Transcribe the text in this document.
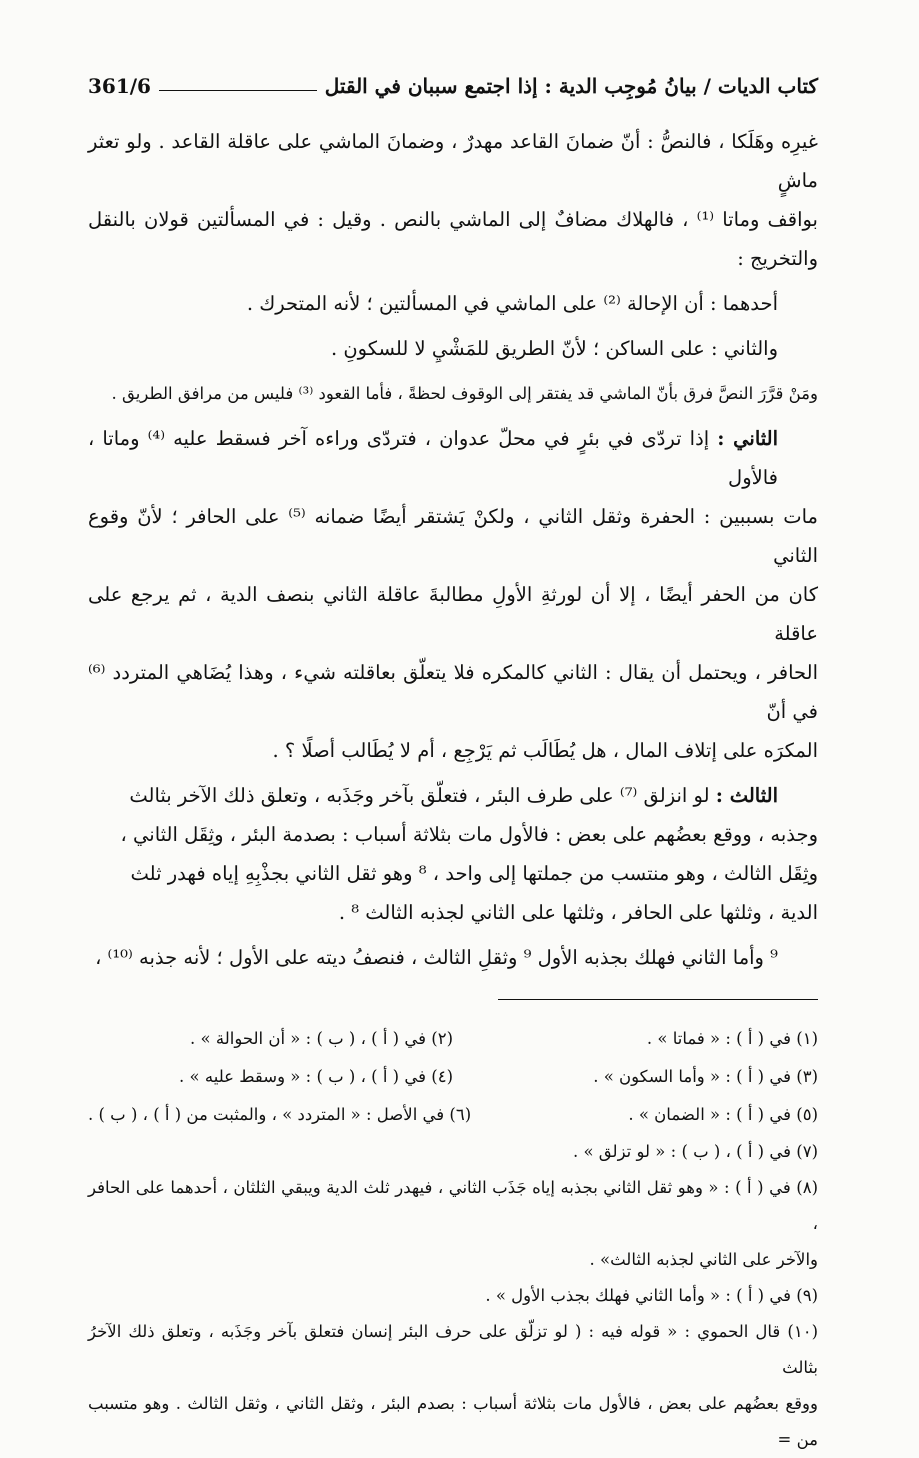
كتاب الديات / بيانُ مُوجِب الدية : إذا اجتمع سببان في القتل
361/6

غيرِه وهَلَكا ، فالنصُّ : أنّ ضمانَ القاعد مهدرٌ ، وضمانَ الماشي على عاقلة القاعد . ولو تعثر ماشٍ

بواقف وماتا ⁽¹⁾ ، فالهلاك مضافٌ إلى الماشي بالنص . وقيل : في المسألتين قولان بالنقل والتخريج :

أحدهما : أن الإحالة ⁽²⁾ على الماشي في المسألتين ؛ لأنه المتحرك .

والثاني : على الساكن ؛ لأنّ الطريق للمَشْيِ لا للسكونِ .

ومَنْ قرَّرَ النصَّ فرق بأنّ الماشي قد يفتقر إلى الوقوف لحظةً ، فأما القعود ⁽³⁾ فليس من مرافق الطريق .

الثاني : إذا تردّى في بئرٍ في محلّ عدوان ، فتردّى وراءه آخر فسقط عليه ⁽⁴⁾ وماتا ، فالأول

مات بسببين : الحفرة وثقل الثاني ، ولكنْ يَشتقر أيضًا ضمانه ⁽⁵⁾ على الحافر ؛ لأنّ وقوع الثاني

كان من الحفر أيضًا ، إلا أن لورثةِ الأولِ مطالبةَ عاقلة الثاني بنصف الدية ، ثم يرجع على عاقلة

الحافر ، ويحتمل أن يقال : الثاني كالمكره فلا يتعلّق بعاقلته شيء ، وهذا يُضَاهي المتردد ⁽⁶⁾في أنّ

المكرَه على إتلاف المال ، هل يُطَالَب ثم يَرْجِع ، أم لا يُطَالب أصلًا ؟ .

الثالث : لو انزلق ⁽⁷⁾ على طرف البئر ، فتعلّق بآخر وجَذَبه ، وتعلق ذلك الآخر بثالث

وجذبه ، ووقع بعضُهم على بعض : فالأول مات بثلاثة أسباب : بصدمة البئر ، وثِقَل الثاني ،

وثِقَل الثالث ، وهو منتسب من جملتها إلى واحد ، ⁸ وهو ثقل الثاني بجذْبِهِ إياه فهدر ثلث

الدية ، وثلثها على الحافر ، وثلثها على الثاني لجذبه الثالث ⁸ .

⁹ وأما الثاني فهلك بجذبه الأول ⁹ وثقلِ الثالث ، فنصفُ ديته على الأول ؛ لأنه جذبه ⁽¹⁰⁾ ،

(١) في ( أ ) : « فماتا » .
(٢) في ( أ ) ، ( ب ) : « أن الحوالة » .
(٣) في ( أ ) : « وأما السكون » .
(٤) في ( أ ) ، ( ب ) : « وسقط عليه » .
(٥) في ( أ ) : « الضمان » .
(٦) في الأصل : « المتردد » ، والمثبت من ( أ ) ، ( ب ) .
(٧) في ( أ ) ، ( ب ) : « لو تزلق » .
(٨) في ( أ ) : « وهو ثقل الثاني بجذبه إياه جَذَب الثاني ، فيهدر ثلث الدية ويبقي الثلثان ، أحدهما على الحافر ،
والآخر على الثاني لجذبه الثالث» .
(٩) في ( أ ) : « وأما الثاني فهلك بجذب الأول » .
(١٠) قال الحموي : « قوله فيه : ( لو تزلّق على حرف البئر إنسان فتعلق بآخر وجَذَبه ، وتعلق ذلك الآخرُ بثالث
ووقع بعضُهم على بعض ، فالأول مات بثلاثة أسباب : بصدم البئر ، وثقل الثاني ، وثقل الثالث . وهو متسبب من =
